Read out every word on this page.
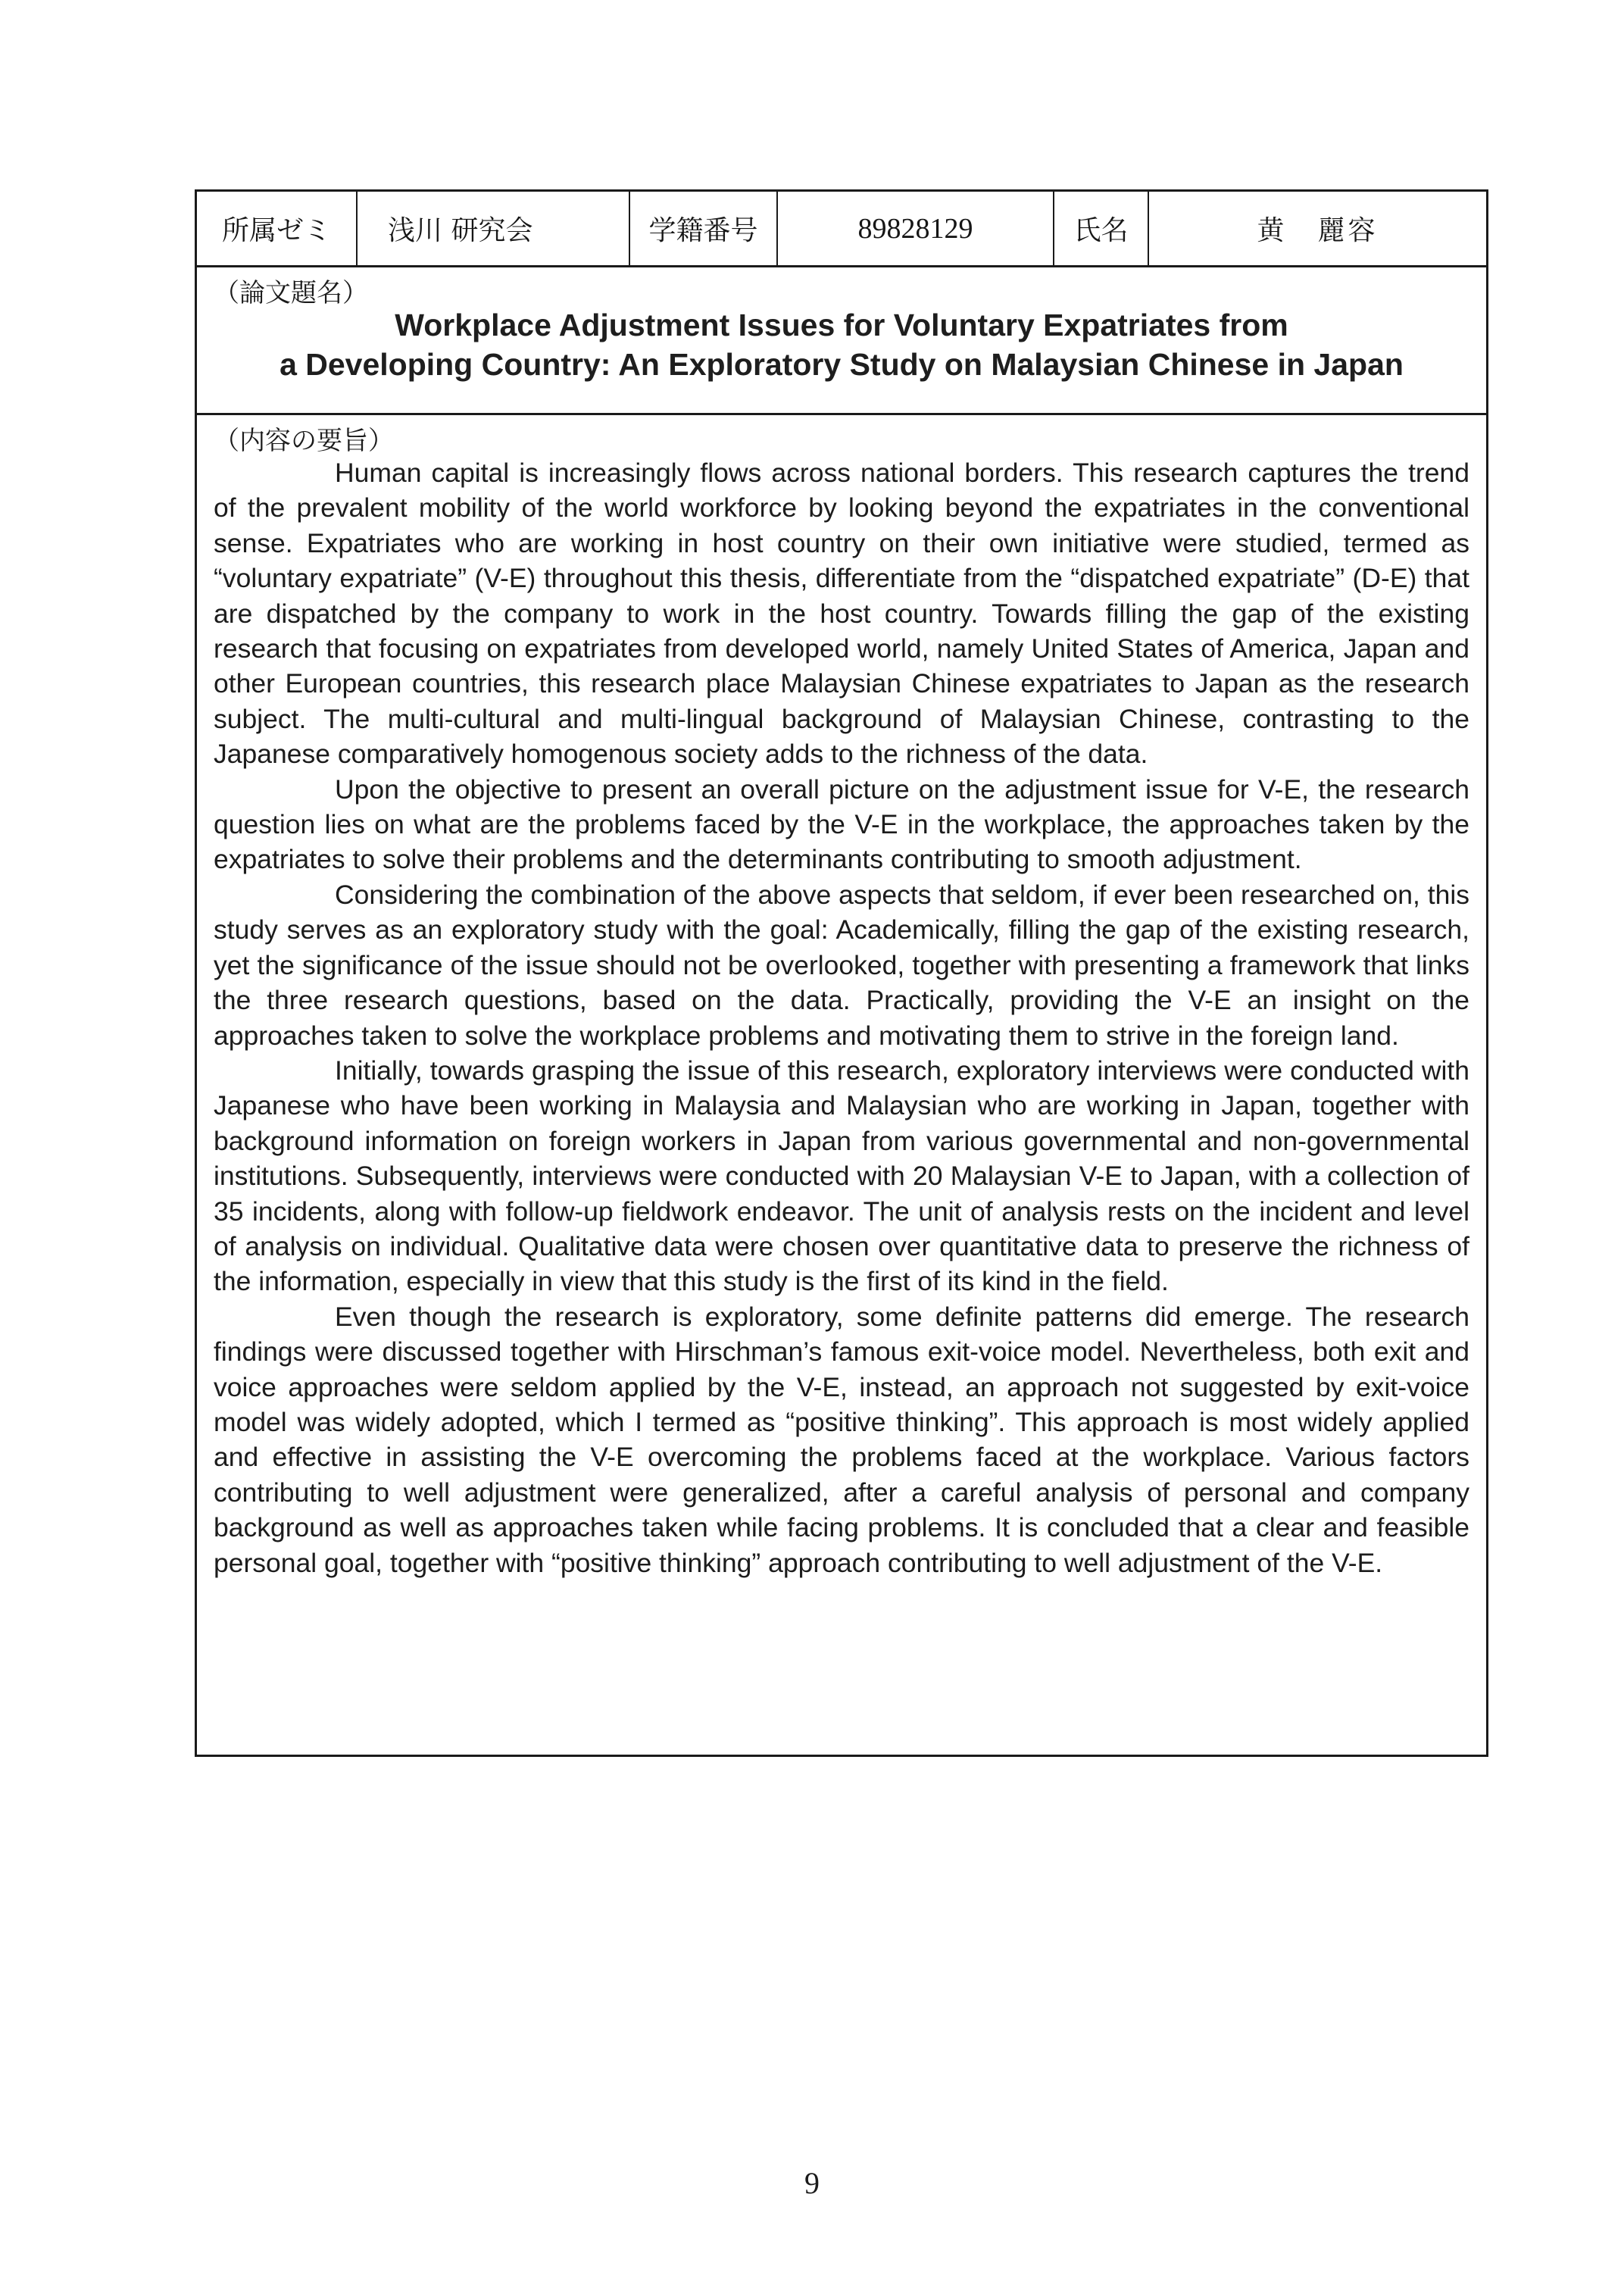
所属ゼミ	浅川 研究会	学籍番号	89828129	氏名	黄　麗容
（論文題名）
Workplace Adjustment Issues for Voluntary Expatriates from
a Developing Country: An Exploratory Study on Malaysian Chinese in Japan
（内容の要旨）

Human capital is increasingly flows across national borders. This research captures the trend of the prevalent mobility of the world workforce by looking beyond the expatriates in the conventional sense. Expatriates who are working in host country on their own initiative were studied, termed as “voluntary expatriate” (V-E) throughout this thesis, differentiate from the “dispatched expatriate” (D-E) that are dispatched by the company to work in the host country. Towards filling the gap of the existing research that focusing on expatriates from developed world, namely United States of America, Japan and other European countries, this research place Malaysian Chinese expatriates to Japan as the research subject. The multi-cultural and multi-lingual background of Malaysian Chinese, contrasting to the Japanese comparatively homogenous society adds to the richness of the data.

Upon the objective to present an overall picture on the adjustment issue for V-E, the research question lies on what are the problems faced by the V-E in the workplace, the approaches taken by the expatriates to solve their problems and the determinants contributing to smooth adjustment.

Considering the combination of the above aspects that seldom, if ever been researched on, this study serves as an exploratory study with the goal: Academically, filling the gap of the existing research, yet the significance of the issue should not be overlooked, together with presenting a framework that links the three research questions, based on the data. Practically, providing the V-E an insight on the approaches taken to solve the workplace problems and motivating them to strive in the foreign land.

Initially, towards grasping the issue of this research, exploratory interviews were conducted with Japanese who have been working in Malaysia and Malaysian who are working in Japan, together with background information on foreign workers in Japan from various governmental and non-governmental institutions. Subsequently, interviews were conducted with 20 Malaysian V-E to Japan, with a collection of 35 incidents, along with follow-up fieldwork endeavor. The unit of analysis rests on the incident and level of analysis on individual. Qualitative data were chosen over quantitative data to preserve the richness of the information, especially in view that this study is the first of its kind in the field.

Even though the research is exploratory, some definite patterns did emerge. The research findings were discussed together with Hirschman’s famous exit-voice model. Nevertheless, both exit and voice approaches were seldom applied by the V-E, instead, an approach not suggested by exit-voice model was widely adopted, which I termed as “positive thinking”. This approach is most widely applied and effective in assisting the V-E overcoming the problems faced at the workplace. Various factors contributing to well adjustment were generalized, after a careful analysis of personal and company background as well as approaches taken while facing problems. It is concluded that a clear and feasible personal goal, together with “positive thinking” approach contributing to well adjustment of the V-E.

9
